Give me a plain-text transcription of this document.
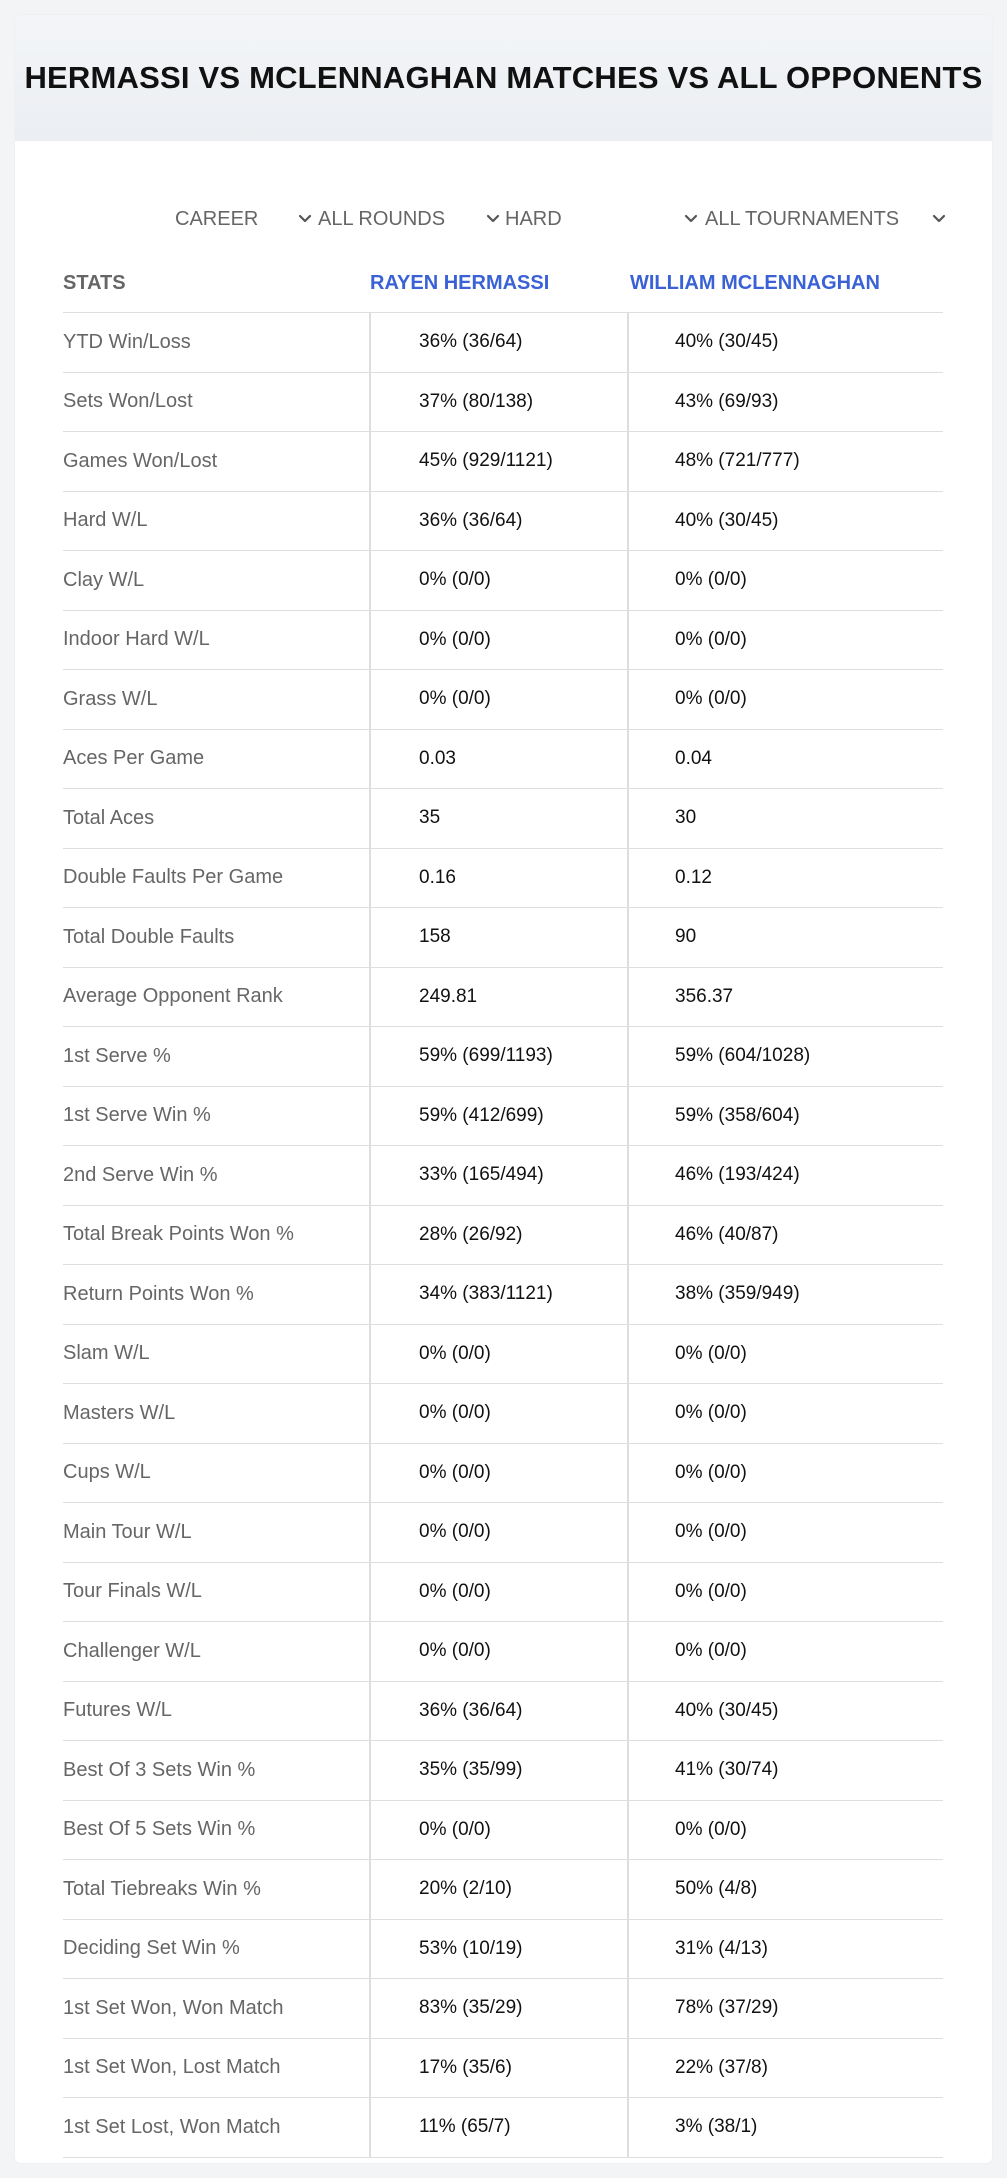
HERMASSI VS MCLENNAGHAN MATCHES VS ALL OPPONENTS
CAREER	ALL ROUNDS	HARD	ALL TOURNAMENTS
STATS	RAYEN HERMASSI	WILLIAM MCLENNAGHAN
YTD Win/Loss	36% (36/64)	40% (30/45)
Sets Won/Lost	37% (80/138)	43% (69/93)
Games Won/Lost	45% (929/1121)	48% (721/777)
Hard W/L	36% (36/64)	40% (30/45)
Clay W/L	0% (0/0)	0% (0/0)
Indoor Hard W/L	0% (0/0)	0% (0/0)
Grass W/L	0% (0/0)	0% (0/0)
Aces Per Game	0.03	0.04
Total Aces	35	30
Double Faults Per Game	0.16	0.12
Total Double Faults	158	90
Average Opponent Rank	249.81	356.37
1st Serve %	59% (699/1193)	59% (604/1028)
1st Serve Win %	59% (412/699)	59% (358/604)
2nd Serve Win %	33% (165/494)	46% (193/424)
Total Break Points Won %	28% (26/92)	46% (40/87)
Return Points Won %	34% (383/1121)	38% (359/949)
Slam W/L	0% (0/0)	0% (0/0)
Masters W/L	0% (0/0)	0% (0/0)
Cups W/L	0% (0/0)	0% (0/0)
Main Tour W/L	0% (0/0)	0% (0/0)
Tour Finals W/L	0% (0/0)	0% (0/0)
Challenger W/L	0% (0/0)	0% (0/0)
Futures W/L	36% (36/64)	40% (30/45)
Best Of 3 Sets Win %	35% (35/99)	41% (30/74)
Best Of 5 Sets Win %	0% (0/0)	0% (0/0)
Total Tiebreaks Win %	20% (2/10)	50% (4/8)
Deciding Set Win %	53% (10/19)	31% (4/13)
1st Set Won, Won Match	83% (35/29)	78% (37/29)
1st Set Won, Lost Match	17% (35/6)	22% (37/8)
1st Set Lost, Won Match	11% (65/7)	3% (38/1)
